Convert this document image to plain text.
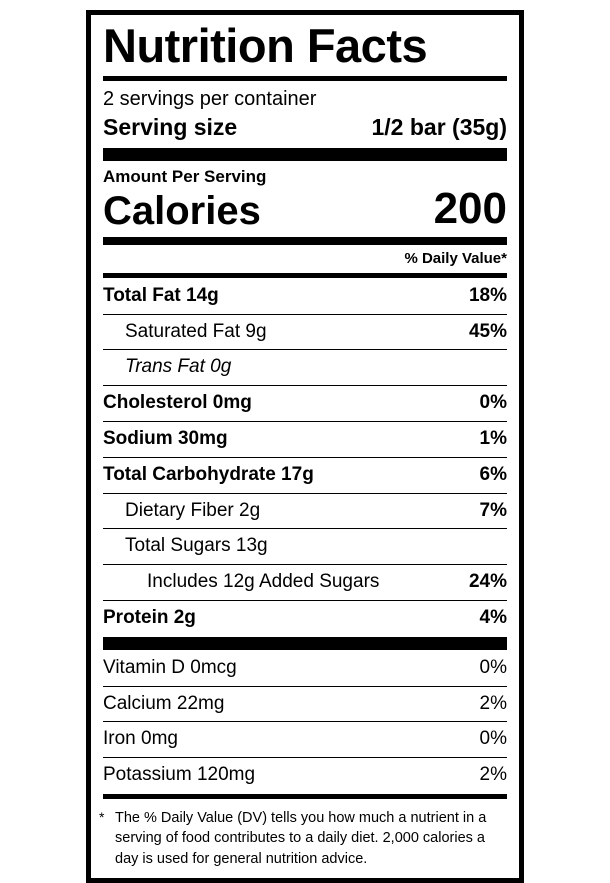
Nutrition Facts
2 servings per container
Serving size	1/2 bar (35g)
Amount Per Serving
Calories	200
% Daily Value*
Total Fat 14g	18%
Saturated Fat 9g	45%
Trans Fat 0g
Cholesterol 0mg	0%
Sodium 30mg	1%
Total Carbohydrate 17g	6%
Dietary Fiber 2g	7%
Total Sugars 13g
Includes 12g Added Sugars	24%
Protein 2g	4%
Vitamin D 0mcg	0%
Calcium 22mg	2%
Iron 0mg	0%
Potassium 120mg	2%
* The % Daily Value (DV) tells you how much a nutrient in a serving of food contributes to a daily diet. 2,000 calories a day is used for general nutrition advice.
